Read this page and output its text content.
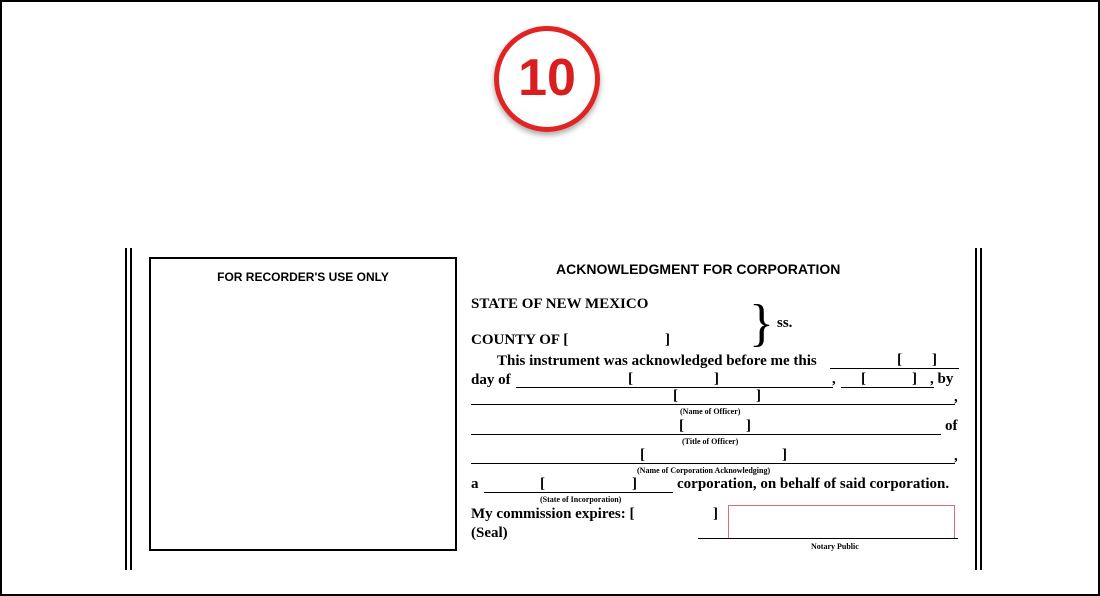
10
FOR RECORDER'S USE ONLY	ACKNOWLEDGMENT FOR CORPORATION
STATE OF NEW MEXICO } ss.
COUNTY OF [	]
This instrument was acknowledged before me this	[ ]
day of	[	]	, [	] , by
[	]	,
(Name of Officer)
[	]	of
(Title of Officer)
[	]	,
(Name of Corporation Acknowledging)
a	[	]	corporation, on behalf of said corporation.
(State of Incorporation)
My commission expires: [	]
(Seal)
Notary Public
